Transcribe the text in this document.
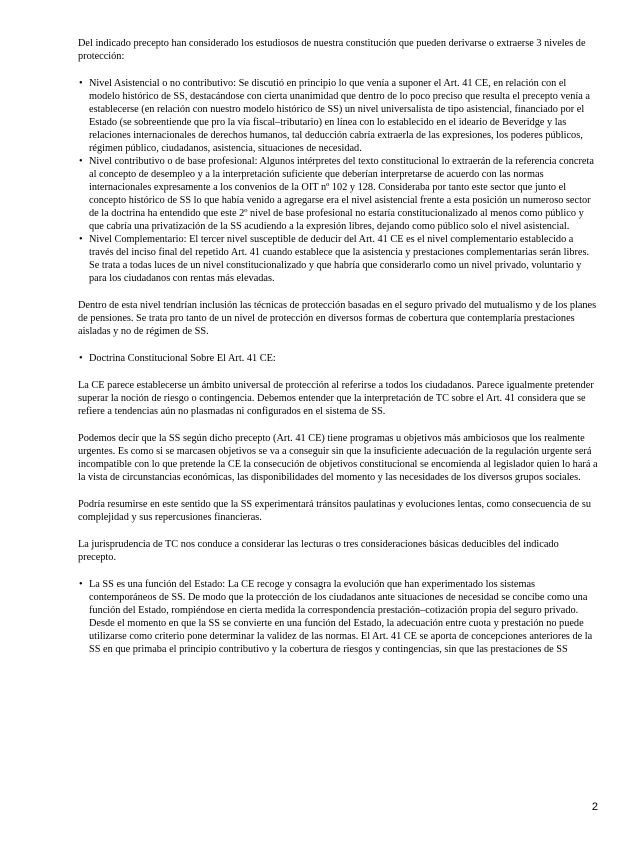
Del indicado precepto han considerado los estudiosos de nuestra constitución que pueden derivarse o extraerse 3 niveles de protección:

• Nivel Asistencial o no contributivo: Se discutió en principio lo que venía a suponer el Art. 41 CE, en relación con el modelo histórico de SS, destacándose con cierta unanimidad que dentro de lo poco preciso que resulta el precepto venía a establecerse (en relación con nuestro modelo histórico de SS) un nivel universalista de tipo asistencial, financiado por el Estado (se sobreentiende que pro la vía fiscal–tributario) en línea con lo establecido en el ideario de Beveridge y las relaciones internacionales de derechos humanos, tal deducción cabría extraerla de las expresiones, los poderes públicos, régimen público, ciudadanos, asistencia, situaciones de necesidad.
• Nivel contributivo o de base profesional: Algunos intérpretes del texto constitucional lo extraerán de la referencia concreta al concepto de desempleo y a la interpretación suficiente que deberían interpretarse de acuerdo con las normas internacionales expresamente a los convenios de la OIT nº 102 y 128. Consideraba por tanto este sector que junto el concepto histórico de SS lo que había venido a agregarse era el nivel asistencial frente a esta posición un numeroso sector de la doctrina ha entendido que este 2º nivel de base profesional no estaría constitucionalizado al menos como público y que cabría una privatización de la SS acudiendo a la expresión libres, dejando como público solo el nivel asistencial.
• Nivel Complementario: El tercer nivel susceptible de deducir del Art. 41 CE es el nivel complementario establecido a través del inciso final del repetido Art. 41 cuando establece que la asistencia y prestaciones complementarias serán libres. Se trata a todas luces de un nivel constitucionalizado y que habría que considerarlo como un nivel privado, voluntario y para los ciudadanos con rentas más elevadas.

Dentro de esta nivel tendrían inclusión las técnicas de protección basadas en el seguro privado del mutualismo y de los planes de pensiones. Se trata pro tanto de un nivel de protección en diversos formas de cobertura que contemplaría prestaciones aisladas y no de régimen de SS.

• Doctrina Constitucional Sobre El Art. 41 CE:

La CE parece establecerse un ámbito universal de protección al referirse a todos los ciudadanos. Parece igualmente pretender superar la noción de riesgo o contingencia. Debemos entender que la interpretación de TC sobre el Art. 41 considera que se refiere a tendencias aún no plasmadas ni configurados en el sistema de SS.

Podemos decir que la SS según dicho precepto (Art. 41 CE) tiene programas u objetivos más ambiciosos que los realmente urgentes. Es como si se marcasen objetivos se va a conseguir sin que la insuficiente adecuación de la regulación urgente será incompatible con lo que pretende la CE la consecución de objetivos constitucional se encomienda al legislador quien lo hará a la vista de circunstancias económicas, las disponibilidades del momento y las necesidades de los diversos grupos sociales.

Podría resumirse en este sentido que la SS experimentará tránsitos paulatinas y evoluciones lentas, como consecuencia de su complejidad y sus repercusiones financieras.

La jurisprudencia de TC nos conduce a considerar las lecturas o tres consideraciones básicas deducibles del indicado precepto.

• La SS es una función del Estado: La CE recoge y consagra la evolución que han experimentado los sistemas contemporáneos de SS. De modo que la protección de los ciudadanos ante situaciones de necesidad se concibe como una función del Estado, rompiéndose en cierta medida la correspondencia prestación–cotización propia del seguro privado. Desde el momento en que la SS se convierte en una función del Estado, la adecuación entre cuota y prestación no puede utilizarse como criterio pone determinar la validez de las normas. El Art. 41 CE se aporta de concepciones anteriores de la SS en que primaba el principio contributivo y la cobertura de riesgos y contingencias, sin que las prestaciones de SS
2
